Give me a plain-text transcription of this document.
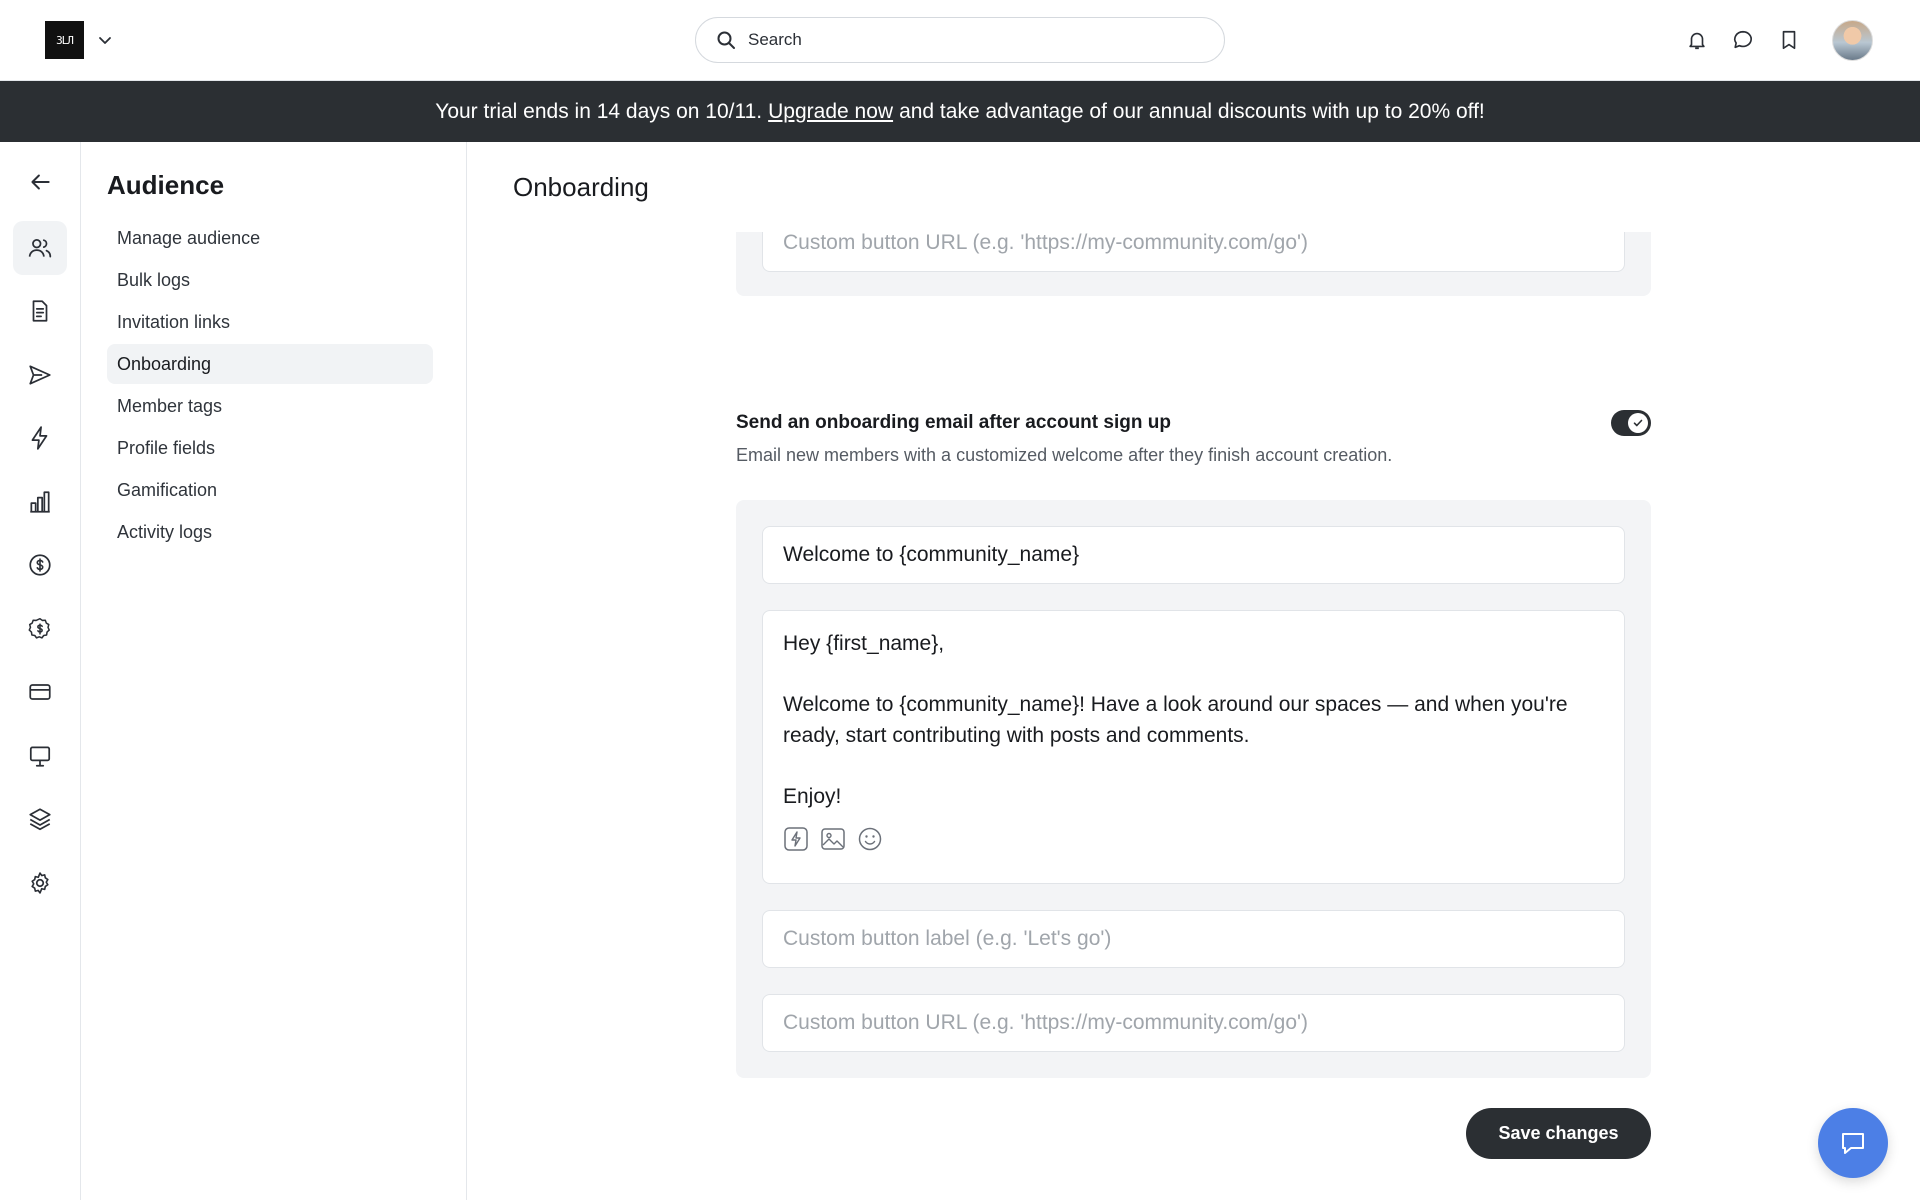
ЗLЛ	Search
Your trial ends in 14 days on 10/11. Upgrade now and take advantage of our annual discounts with up to 20% off!
Audience
Manage audience
Bulk logs
Invitation links
Onboarding
Member tags
Profile fields
Gamification
Activity logs
Onboarding
Custom button URL (e.g. 'https://my-community.com/go')
Send an onboarding email after account sign up
Email new members with a customized welcome after they finish account creation.
Welcome to {community_name}

Hey {first_name},

Welcome to {community_name}! Have a look around our spaces — and when you're ready, start contributing with posts and comments.

Enjoy!

Custom button label (e.g. 'Let's go')
Custom button URL (e.g. 'https://my-community.com/go')
Save changes
